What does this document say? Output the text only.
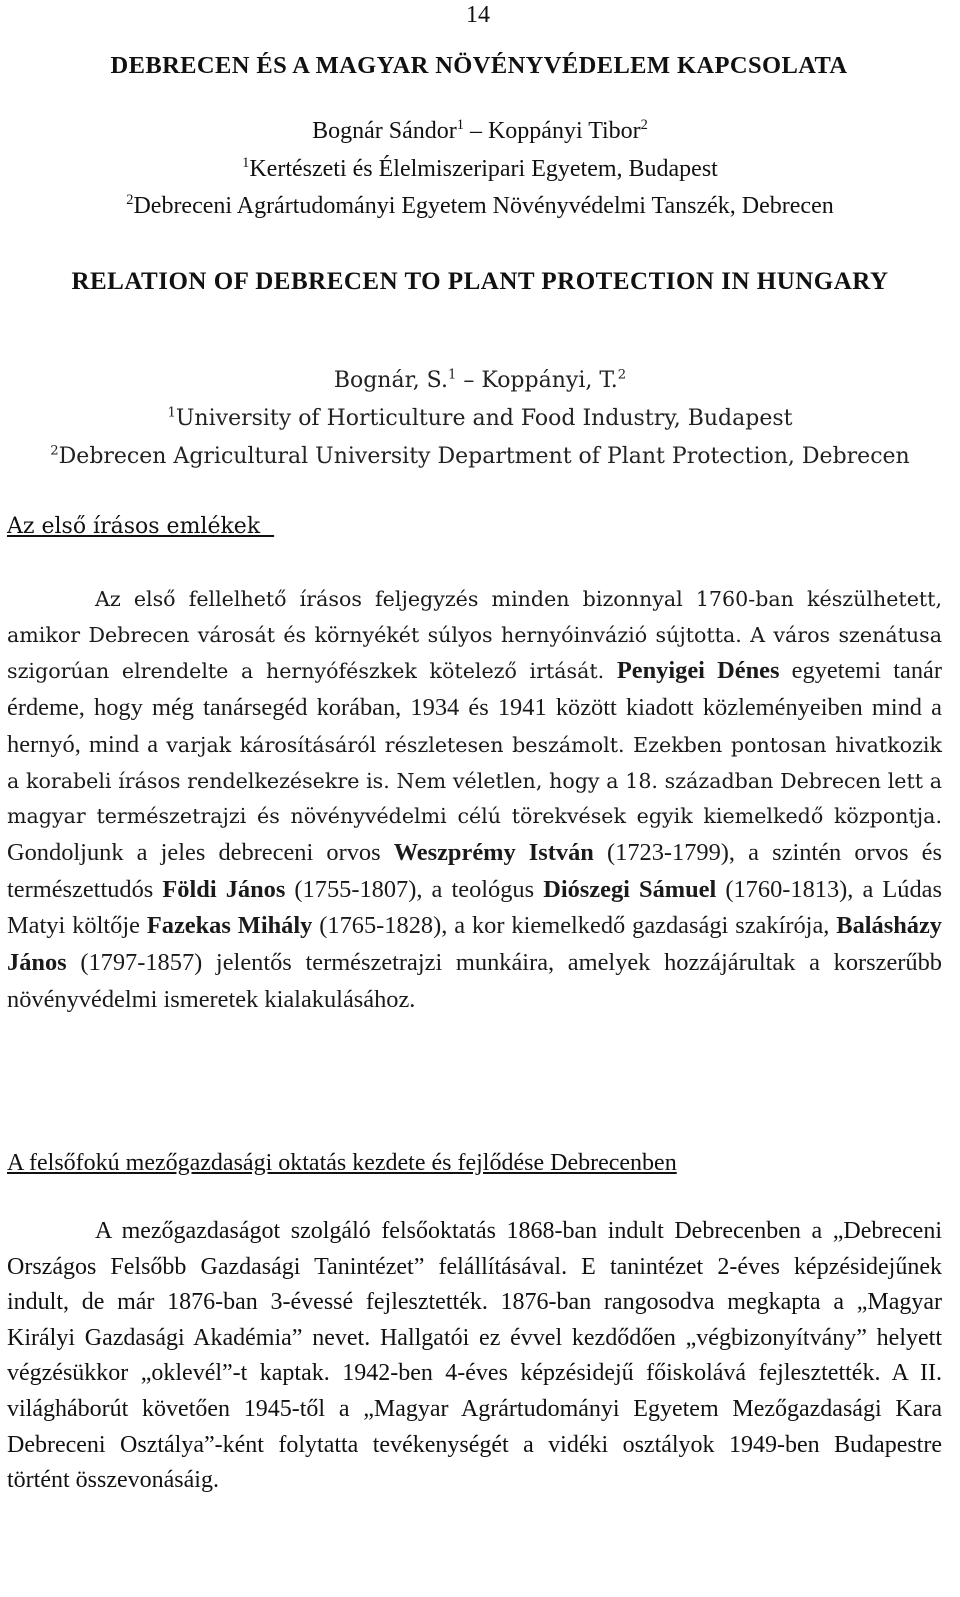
14
DEBRECEN ÉS A MAGYAR NÖVÉNYVÉDELEM KAPCSOLATA
Bognár Sándor$^1$ – Koppányi Tibor$^2$
$^1$Kertészeti és Élelmiszeripari Egyetem, Budapest
$^2$Debreceni Agrártudományi Egyetem Növényvédelmi Tanszék, Debrecen
RELATION OF DEBRECEN TO PLANT PROTECTION IN HUNGARY
Bognár, S.$^1$ – Koppányi, T.$^2$
$^1$University of Horticulture and Food Industry, Budapest
$^2$Debrecen Agricultural University Department of Plant Protection, Debrecen
Az első írásos emlékek
Az első fellelhető írásos feljegyzés minden bizonnyal 1760-ban készülhetett, amikor Debrecen városát és környékét súlyos hernyóinvázió sújtotta. A város szenátusa szigorúan elrendelte a hernyófészkek kötelező irtását. Penyigei Dénes egyetemi tanár érdeme, hogy még tanársegéd korában, 1934 és 1941 között kiadott közleményeiben mind a hernyó, mind a varjak károsításáról részletesen beszámolt. Ezekben pontosan hivatkozik a korabeli írásos rendelkezésekre is. Nem véletlen, hogy a 18. században Debrecen lett a magyar természetrajzi és növényvédelmi célú törekvések egyik kiemelkedő központja. Gondoljunk a jeles debreceni orvos Weszprémy István (1723-1799), a szintén orvos és természettudós Földi János (1755-1807), a teológus Diószegi Sámuel (1760-1813), a Lúdas Matyi költője Fazekas Mihály (1765-1828), a kor kiemelkedő gazdasági szakírója, Balásházy János (1797-1857) jelentős természetrajzi munkáira, amelyek hozzájárultak a korszerűbb növényvédelmi ismeretek kialakulásához.
A felsőfokú mezőgazdasági oktatás kezdete és fejlődése Debrecenben
A mezőgazdaságot szolgáló felsőoktatás 1868-ban indult Debrecenben a „Debreceni Országos Felsőbb Gazdasági Tanintézet” felállításával. E tanintézet 2-éves képzésidejűnek indult, de már 1876-ban 3-évessé fejlesztették. 1876-ban rangosodva megkapta a „Magyar Királyi Gazdasági Akadémia” nevet. Hallgatói ez évvel kezdődően „végbizonyítvány” helyett végzésükkor „oklevél”-t kaptak. 1942-ben 4-éves képzésidejű főiskolává fejlesztették. A II. világháborút követően 1945-től a „Magyar Agrártudományi Egyetem Mezőgazdasági Kara Debreceni Osztálya”-ként folytatta tevékenységét a vidéki osztályok 1949-ben Budapestre történt összevonásáig.
